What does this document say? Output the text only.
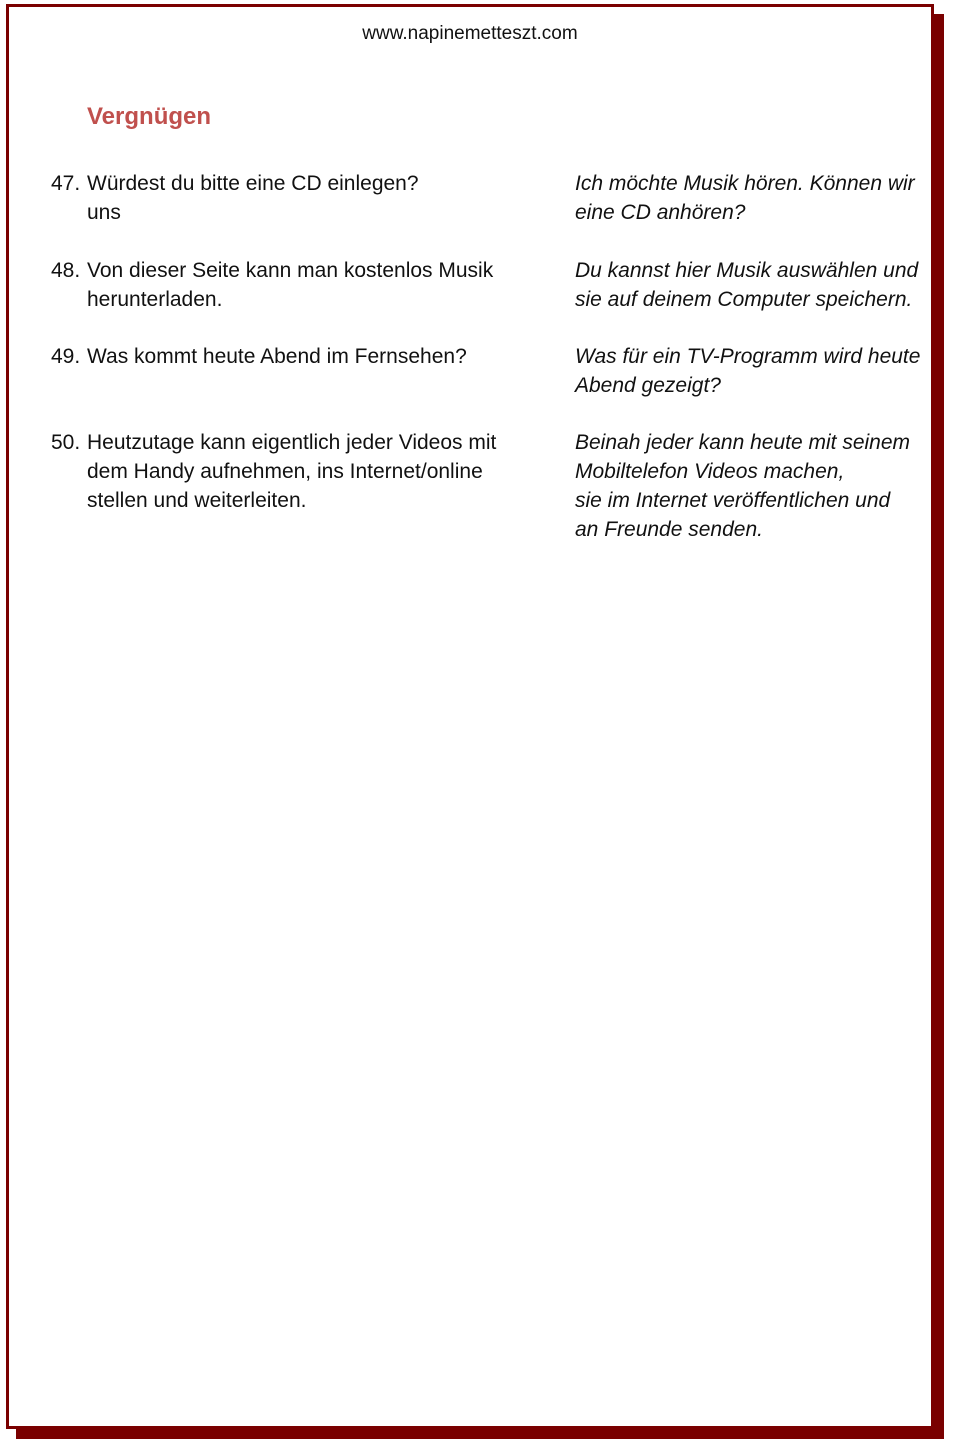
www.napinemetteszt.com
Vergnügen
47. Würdest du bitte eine CD einlegen?
uns
Ich möchte Musik hören. Können wir
eine CD anhören?
48. Von dieser Seite kann man kostenlos Musik
herunterladen.
Du kannst hier Musik auswählen und
sie auf deinem Computer speichern.
49. Was kommt heute Abend im Fernsehen?	Was für ein TV-Programm wird heute
Abend gezeigt?
50. Heutzutage kann eigentlich jeder Videos mit
dem Handy aufnehmen, ins Internet/online
stellen und weiterleiten.
Beinah jeder kann heute mit seinem
Mobiltelefon Videos machen,
sie im Internet veröffentlichen und
an Freunde senden.
